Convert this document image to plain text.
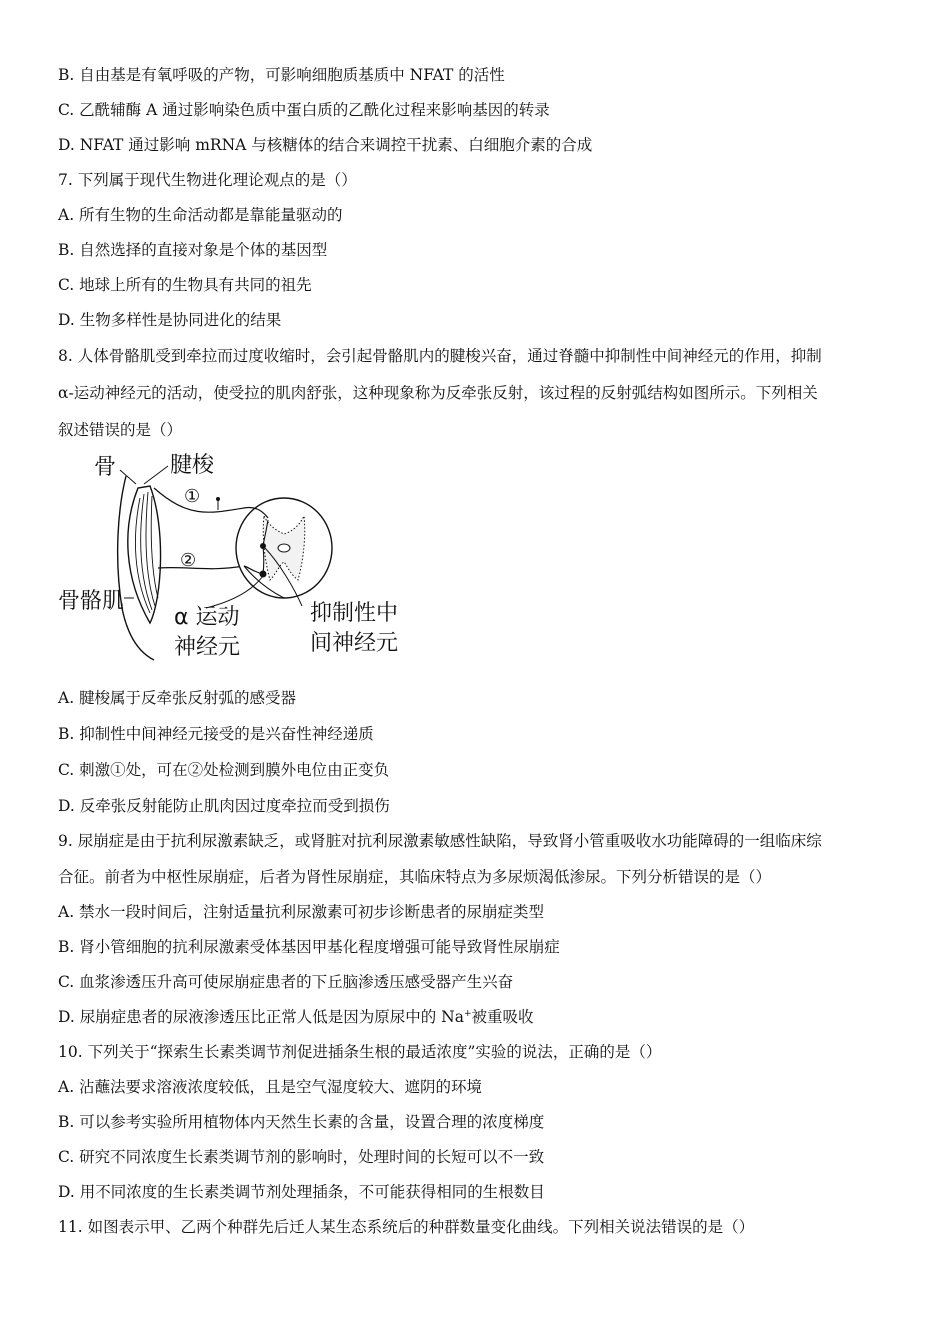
B. 自由基是有氧呼吸的产物，可影响细胞质基质中 NFAT 的活性
C. 乙酰辅酶 A 通过影响染色质中蛋白质的乙酰化过程来影响基因的转录
D. NFAT 通过影响 mRNA 与核糖体的结合来调控干扰素、白细胞介素的合成
7. 下列属于现代生物进化理论观点的是（）
A. 所有生物的生命活动都是靠能量驱动的
B. 自然选择的直接对象是个体的基因型
C. 地球上所有的生物具有共同的祖先
D. 生物多样性是协同进化的结果
8. 人体骨骼肌受到牵拉而过度收缩时，会引起骨骼肌内的腱梭兴奋，通过脊髓中抑制性中间神经元的作用，抑制
α-运动神经元的活动，使受拉的肌肉舒张，这种现象称为反牵张反射，该过程的反射弧结构如图所示。下列相关
叙述错误的是（）
骨 腱梭
①
②
骨骼肌
α 运动
神经元
抑制性中
间神经元
A. 腱梭属于反牵张反射弧的感受器
B. 抑制性中间神经元接受的是兴奋性神经递质
C. 刺激①处，可在②处检测到膜外电位由正变负
D. 反牵张反射能防止肌肉因过度牵拉而受到损伤
9. 尿崩症是由于抗利尿激素缺乏，或肾脏对抗利尿激素敏感性缺陷，导致肾小管重吸收水功能障碍的一组临床综
合征。前者为中枢性尿崩症，后者为肾性尿崩症，其临床特点为多尿烦渴低渗尿。下列分析错误的是（）
A. 禁水一段时间后，注射适量抗利尿激素可初步诊断患者的尿崩症类型
B. 肾小管细胞的抗利尿激素受体基因甲基化程度增强可能导致肾性尿崩症
C. 血浆渗透压升高可使尿崩症患者的下丘脑渗透压感受器产生兴奋
D. 尿崩症患者的尿液渗透压比正常人低是因为原尿中的 Na+被重吸收
10. 下列关于“探索生长素类调节剂促进插条生根的最适浓度”实验的说法，正确的是（）
A. 沾蘸法要求溶液浓度较低，且是空气湿度较大、遮阴的环境
B. 可以参考实验所用植物体内天然生长素的含量，设置合理的浓度梯度
C. 研究不同浓度生长素类调节剂的影响时，处理时间的长短可以不一致
D. 用不同浓度的生长素类调节剂处理插条，不可能获得相同的生根数目
11. 如图表示甲、乙两个种群先后迁人某生态系统后的种群数量变化曲线。下列相关说法错误的是（）
